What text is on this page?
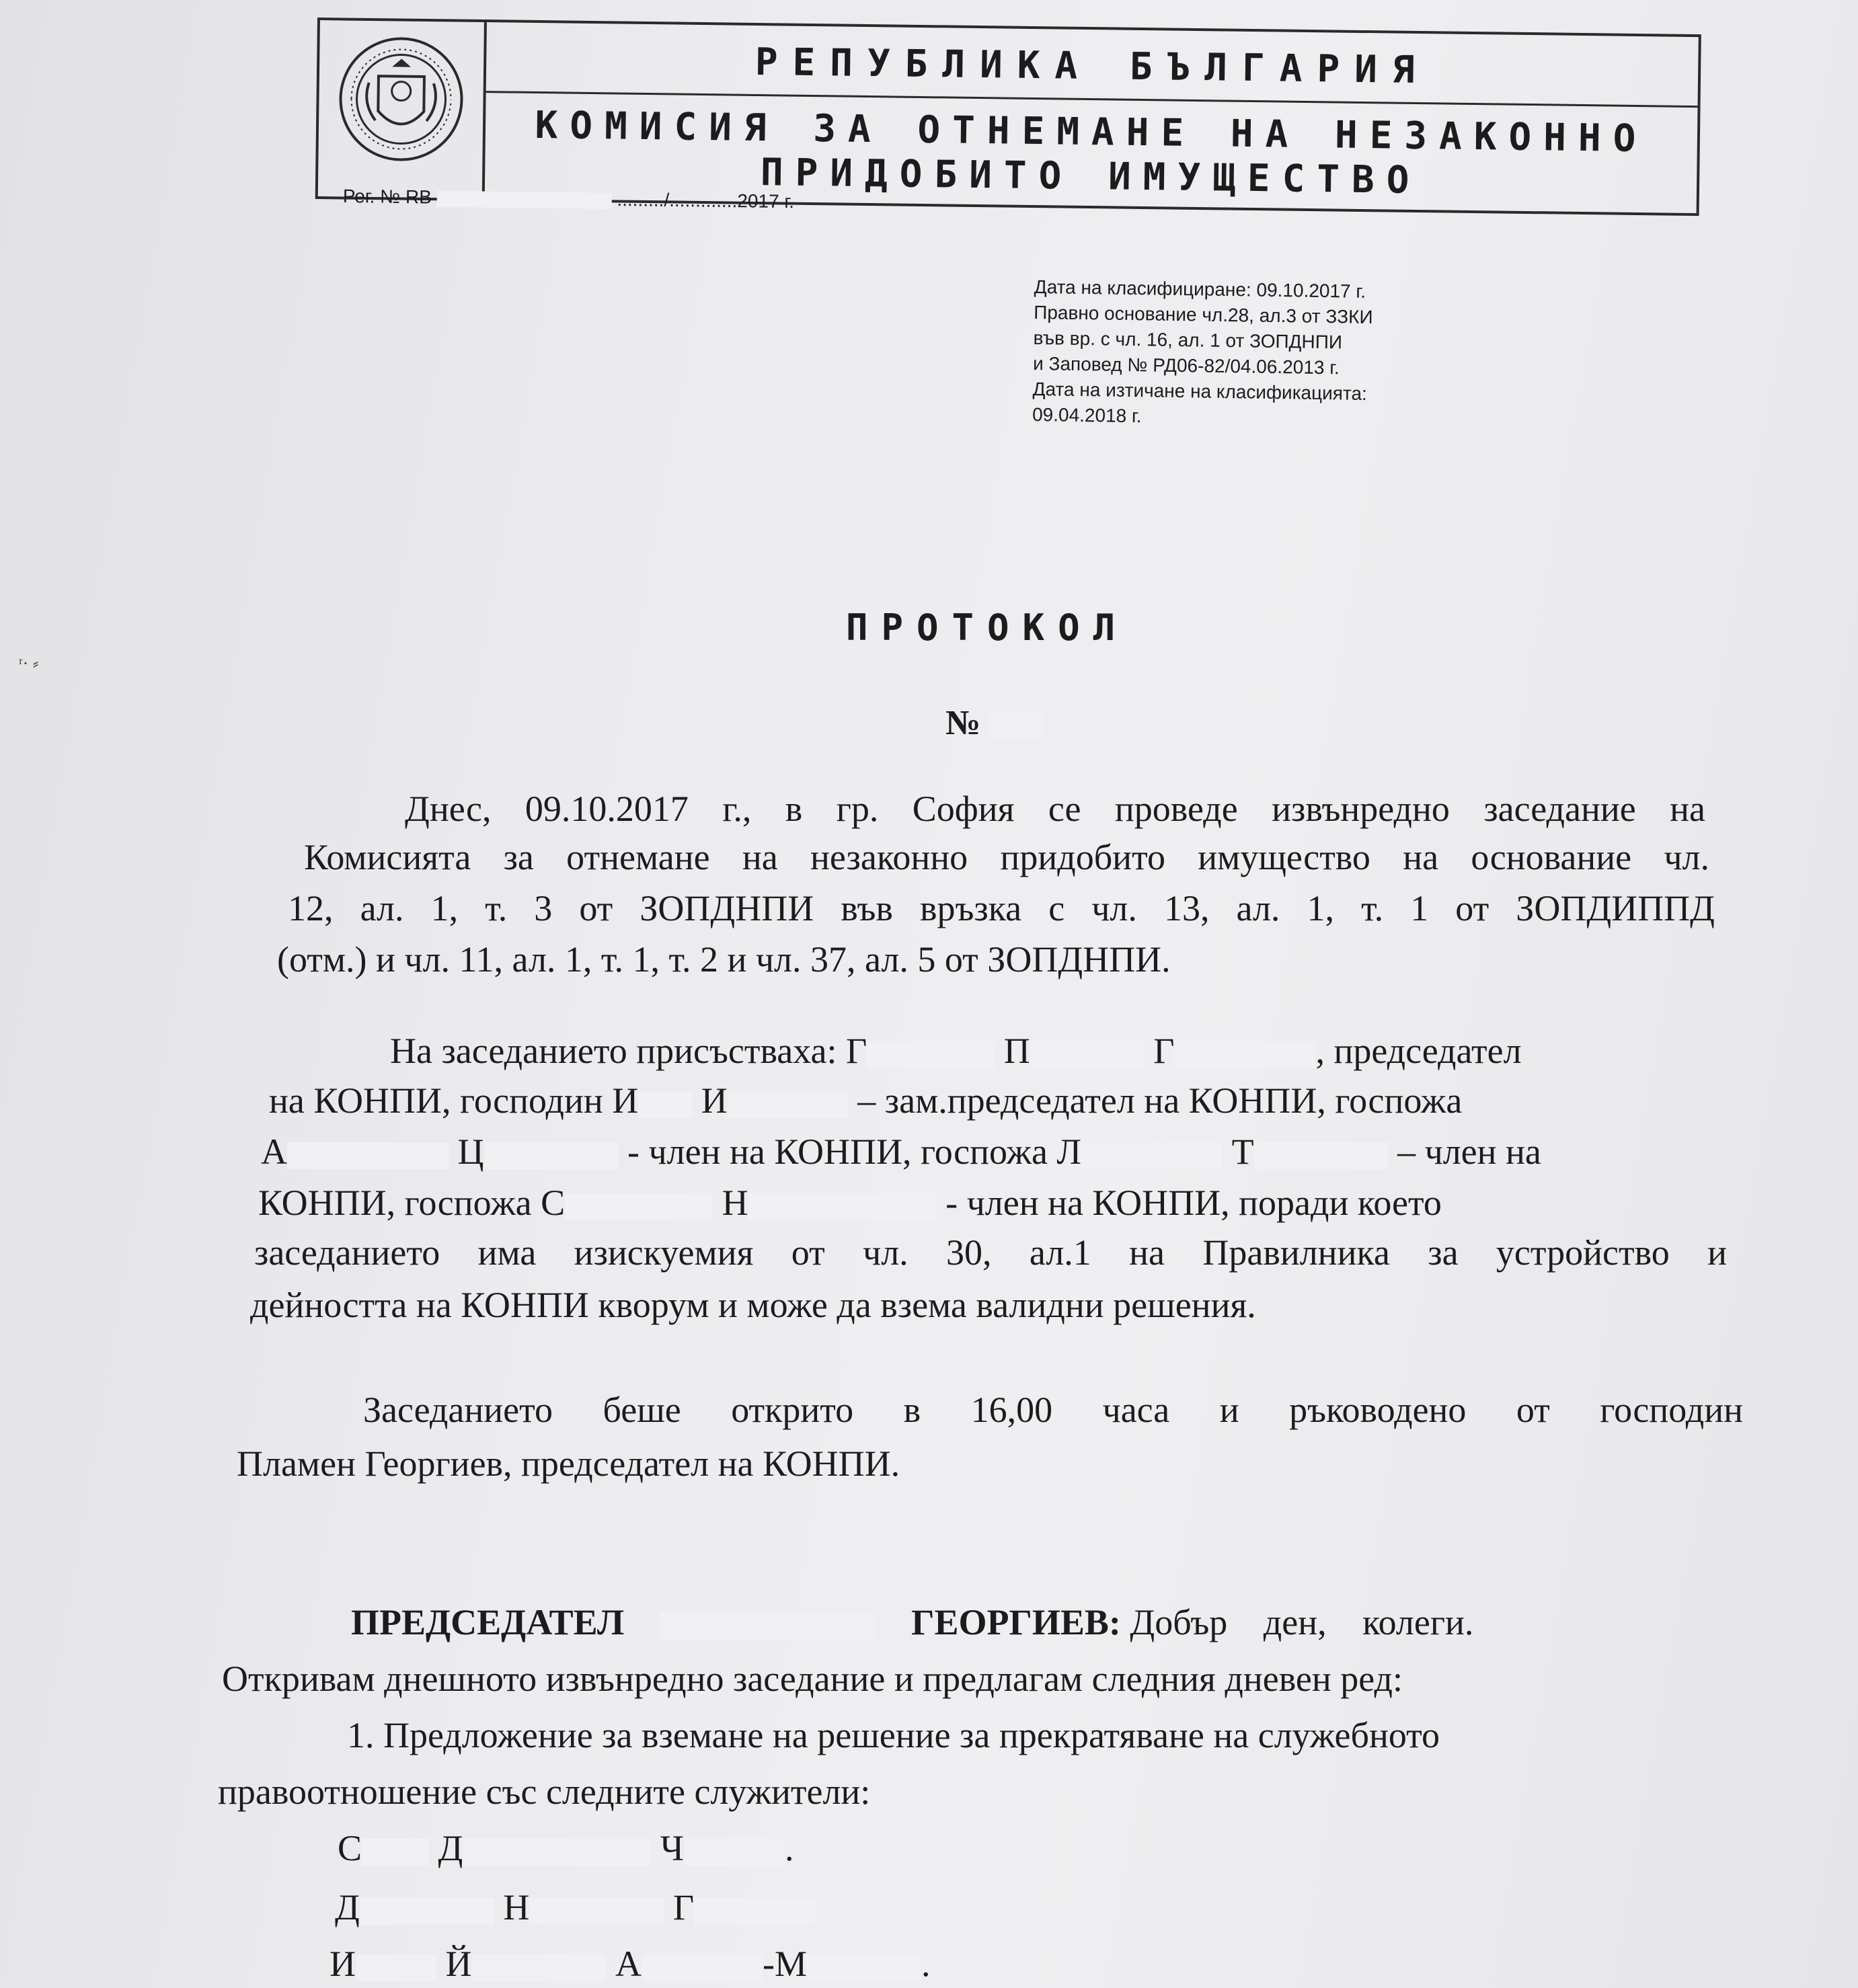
РЕПУБЛИКА БЪЛГАРИЯ
КОМИСИЯ ЗА ОТНЕМАНЕ НА НЕЗАКОННО
ПРИДОБИТО ИМУЩЕСТВО
Рег. № RB	........./.............2017 г.
Дата на класифициране: 09.10.2017 г.
Правно основание чл.28, ал.3 от ЗЗКИ
във вр. с чл. 16, ал. 1 от ЗОПДНПИ
и Заповед № РД06-82/04.06.2013 г.
Дата на изтичане на класификацията:
09.04.2018 г.
ʳ· ⸗
ПРОТОКОЛ
№
Днес, 09.10.2017 г., в гр. София се проведе извънредно заседание на
Комисията за отнемане на незаконно придобито имущество на основание чл.
12, ал. 1, т. 3 от ЗОПДНПИ във връзка с чл. 13, ал. 1, т. 1 от ЗОПДИППД
(отм.) и чл. 11, ал. 1, т. 1, т. 2 и чл. 37, ал. 5 от ЗОПДНПИ.
На заседанието присъстваха: Г	П	Г	, председател
на КОНПИ, господин И И	– зам.председател на КОНПИ, госпожа
А	Ц	- член на КОНПИ, госпожа Л	Т	– член на
КОНПИ, госпожа С	Н	- член на КОНПИ, поради което
заседанието има изискуемия от чл. 30, ал.1 на Правилника за устройство и
дейността на КОНПИ кворум и може да взема валидни решения.
Заседанието беше открито в 16,00 часа и ръководено от господин
Пламен Георгиев, председател на КОНПИ.
ПРЕДСЕДАТЕЛ	ГЕОРГИЕВ: Добър ден, колеги.
Откривам днешното извънредно заседание и предлагам следния дневен ред:
1. Предложение за вземане на решение за прекратяване на служебното
правоотношение със следните служители:
С Д	Ч	.
Д	Н	Г
И Й	А	-М	.
